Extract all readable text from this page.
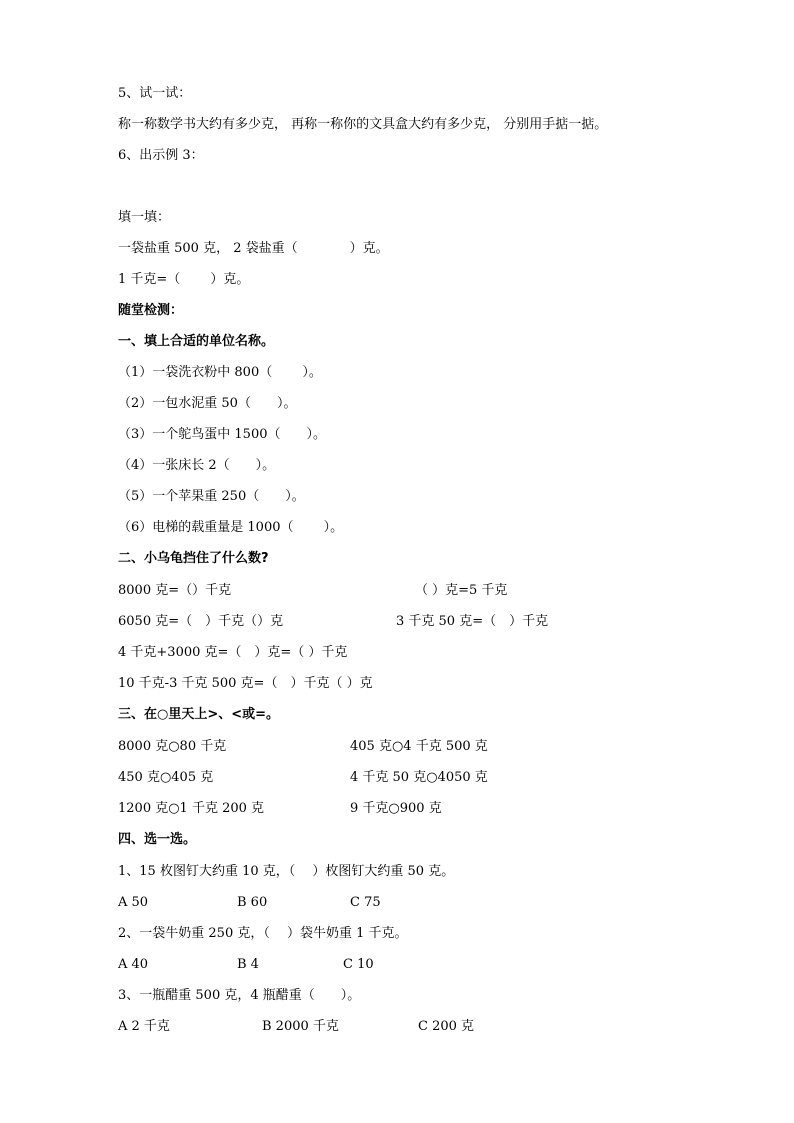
5、试一试：
称一称数学书大约有多少克， 再称一称你的文具盒大约有多少克， 分别用手掂一掂。
6、出示例 3：
填一填：
一袋盐重 500 克， 2 袋盐重（　　　　）克。
1 千克=（　　 ）克。
随堂检测：
一、填上合适的单位名称。
（1）一袋洗衣粉中 800（　　 ）。
（2）一包水泥重 50（　　）。
（3）一个鸵鸟蛋中 1500（　　）。
（4）一张床长 2（　　）。
（5）一个苹果重 250（　　）。
（6）电梯的载重量是 1000（　　 ）。
二、小乌龟挡住了什么数?
8000 克=（）千克	（ ）克=5 千克
6050 克=（　）千克（）克	3 千克 50 克=（　）千克
4 千克+3000 克=（　）克=（ ）千克
10 千克-3 千克 500 克=（　）千克（ ）克
三、在○里天上>、<或=。
8000 克○80 千克	405 克○4 千克 500 克
450 克○405 克	4 千克 50 克○4050 克
1200 克○1 千克 200 克	9 千克○900 克
四、选一选。
1、15 枚图钉大约重 10 克，（　 ）枚图钉大约重 50 克。
A 50	B 60	C 75
2、一袋牛奶重 250 克，（　 ）袋牛奶重 1 千克。
A 40	B 4	C 10
3、一瓶醋重 500 克，4 瓶醋重（　　）。
A 2 千克	B 2000 千克	C 200 克
